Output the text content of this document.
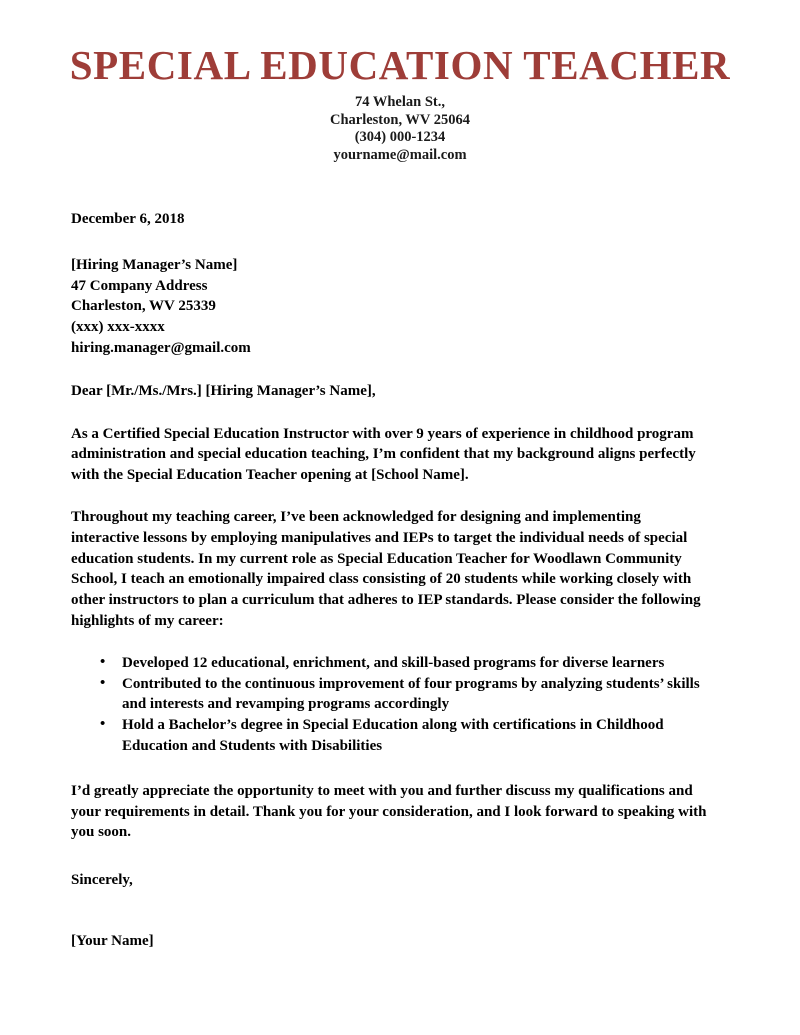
SPECIAL EDUCATION TEACHER
74 Whelan St.,
Charleston, WV 25064
(304) 000-1234
yourname@mail.com

December 6, 2018

[Hiring Manager’s Name]
47 Company Address
Charleston, WV 25339
(xxx) xxx-xxxx
hiring.manager@gmail.com

Dear [Mr./Ms./Mrs.] [Hiring Manager’s Name],

As a Certified Special Education Instructor with over 9 years of experience in childhood program administration and special education teaching, I’m confident that my background aligns perfectly with the Special Education Teacher opening at [School Name].

Throughout my teaching career, I’ve been acknowledged for designing and implementing interactive lessons by employing manipulatives and IEPs to target the individual needs of special education students. In my current role as Special Education Teacher for Woodlawn Community School, I teach an emotionally impaired class consisting of 20 students while working closely with other instructors to plan a curriculum that adheres to IEP standards. Please consider the following highlights of my career:

• Developed 12 educational, enrichment, and skill-based programs for diverse learners
• Contributed to the continuous improvement of four programs by analyzing students’ skills and interests and revamping programs accordingly
• Hold a Bachelor’s degree in Special Education along with certifications in Childhood Education and Students with Disabilities

I’d greatly appreciate the opportunity to meet with you and further discuss my qualifications and your requirements in detail. Thank you for your consideration, and I look forward to speaking with you soon.

Sincerely,

[Your Name]
